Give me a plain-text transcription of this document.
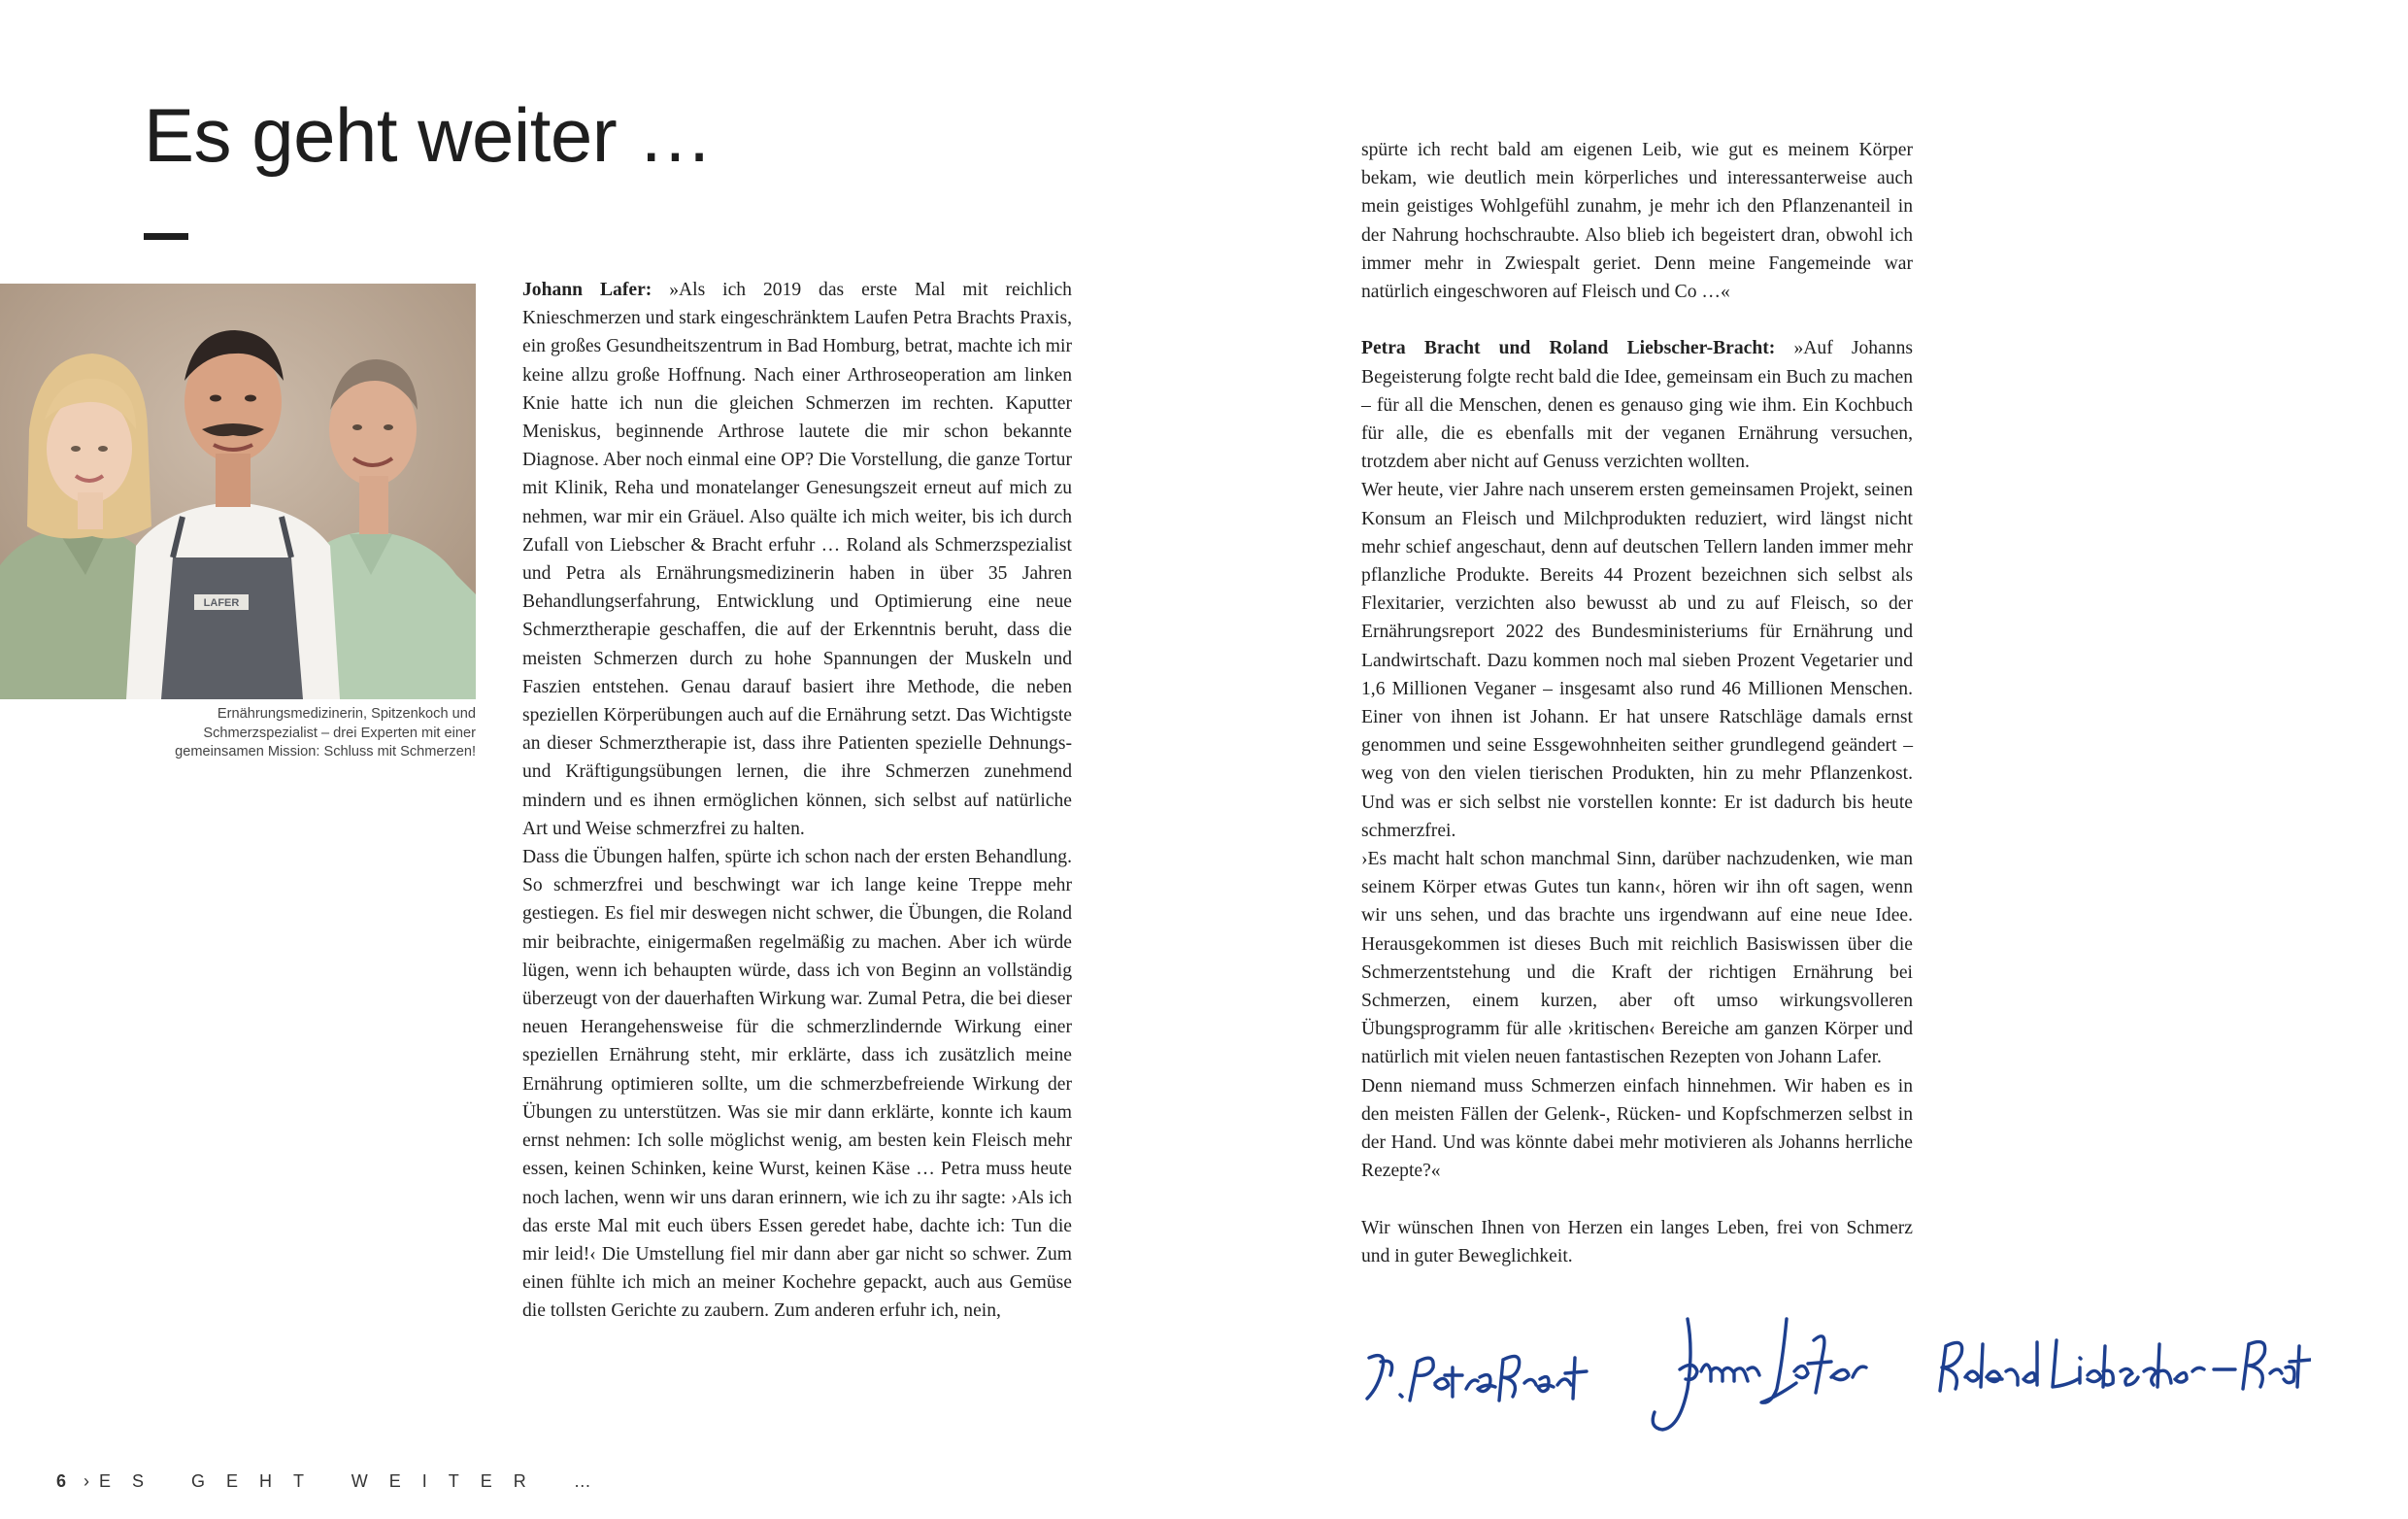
Es geht weiter …
LAFER
Ernährungsmedizinerin, Spitzenkoch und Schmerzspezialist – drei Experten mit einer gemeinsamen Mission: Schluss mit Schmerzen!

Johann Lafer: »Als ich 2019 das erste Mal mit reichlich Knieschmerzen und stark eingeschränktem Laufen Petra Brachts Praxis, ein großes Gesundheitszentrum in Bad Homburg, betrat, machte ich mir keine allzu große Hoffnung. Nach einer Arthroseoperation am linken Knie hatte ich nun die gleichen Schmerzen im rechten. Kaputter Meniskus, beginnende Arthrose lautete die mir schon bekannte Diagnose. Aber noch einmal eine OP? Die Vorstellung, die ganze Tortur mit Klinik, Reha und monatelanger Genesungszeit erneut auf mich zu nehmen, war mir ein Gräuel. Also quälte ich mich weiter, bis ich durch Zufall von Liebscher & Bracht erfuhr … Roland als Schmerzspezialist und Petra als Ernährungsmedizinerin haben in über 35 Jahren Behandlungserfahrung, Entwicklung und Optimierung eine neue Schmerztherapie geschaffen, die auf der Erkenntnis beruht, dass die meisten Schmerzen durch zu hohe Spannungen der Muskeln und Faszien entstehen. Genau darauf basiert ihre Methode, die neben speziellen Körperübungen auch auf die Ernährung setzt. Das Wichtigste an dieser Schmerztherapie ist, dass ihre Patienten spezielle Dehnungs- und Kräftigungsübungen lernen, die ihre Schmerzen zunehmend mindern und es ihnen ermöglichen können, sich selbst auf natürliche Art und Weise schmerzfrei zu halten.

Dass die Übungen halfen, spürte ich schon nach der ersten Behandlung. So schmerzfrei und beschwingt war ich lange keine Treppe mehr gestiegen. Es fiel mir deswegen nicht schwer, die Übungen, die Roland mir beibrachte, einigermaßen regelmäßig zu machen. Aber ich würde lügen, wenn ich behaupten würde, dass ich von Beginn an vollständig überzeugt von der dauerhaften Wirkung war. Zumal Petra, die bei dieser neuen Herangehensweise für die schmerzlindernde Wirkung einer speziellen Ernährung steht, mir erklärte, dass ich zusätzlich meine Ernährung optimieren sollte, um die schmerzbefreiende Wirkung der Übungen zu unterstützen. Was sie mir dann erklärte, konnte ich kaum ernst nehmen: Ich solle möglichst wenig, am besten kein Fleisch mehr essen, keinen Schinken, keine Wurst, keinen Käse … Petra muss heute noch lachen, wenn wir uns daran erinnern, wie ich zu ihr sagte: ›Als ich das erste Mal mit euch übers Essen geredet habe, dachte ich: Tun die mir leid!‹ Die Umstellung fiel mir dann aber gar nicht so schwer. Zum einen fühlte ich mich an meiner Kochehre gepackt, auch aus Gemüse die tollsten Gerichte zu zaubern. Zum anderen erfuhr ich, nein,

spürte ich recht bald am eigenen Leib, wie gut es meinem Körper bekam, wie deutlich mein körperliches und interessanterweise auch mein geistiges Wohlgefühl zunahm, je mehr ich den Pflanzenanteil in der Nahrung hochschraubte. Also blieb ich begeistert dran, obwohl ich immer mehr in Zwiespalt geriet. Denn meine Fangemeinde war natürlich eingeschworen auf Fleisch und Co …«

Petra Bracht und Roland Liebscher-Bracht: »Auf Johanns Begeisterung folgte recht bald die Idee, gemeinsam ein Buch zu machen – für all die Menschen, denen es genauso ging wie ihm. Ein Kochbuch für alle, die es ebenfalls mit der veganen Ernährung versuchen, trotzdem aber nicht auf Genuss verzichten wollten.

Wer heute, vier Jahre nach unserem ersten gemeinsamen Projekt, seinen Konsum an Fleisch und Milchprodukten reduziert, wird längst nicht mehr schief angeschaut, denn auf deutschen Tellern landen immer mehr pflanzliche Produkte. Bereits 44 Prozent bezeichnen sich selbst als Flexitarier, verzichten also bewusst ab und zu auf Fleisch, so der Ernährungsreport 2022 des Bundesministeriums für Ernährung und Landwirtschaft. Dazu kommen noch mal sieben Prozent Vegetarier und 1,6 Millionen Veganer – insgesamt also rund 46 Millionen Menschen. Einer von ihnen ist Johann. Er hat unsere Ratschläge damals ernst genommen und seine Essgewohnheiten seither grundlegend geändert – weg von den vielen tierischen Produkten, hin zu mehr Pflanzenkost. Und was er sich selbst nie vorstellen konnte: Er ist dadurch bis heute schmerzfrei.

›Es macht halt schon manchmal Sinn, darüber nachzudenken, wie man seinem Körper etwas Gutes tun kann‹, hören wir ihn oft sagen, wenn wir uns sehen, und das brachte uns irgendwann auf eine neue Idee. Herausgekommen ist dieses Buch mit reichlich Basiswissen über die Schmerzentstehung und die Kraft der richtigen Ernährung bei Schmerzen, einem kurzen, aber oft umso wirkungsvolleren Übungsprogramm für alle ›kritischen‹ Bereiche am ganzen Körper und natürlich mit vielen neuen fantastischen Rezepten von Johann Lafer.

Denn niemand muss Schmerzen einfach hinnehmen. Wir haben es in den meisten Fällen der Gelenk-, Rücken- und Kopfschmerzen selbst in der Hand. Und was könnte dabei mehr motivieren als Johanns herrliche Rezepte?«

Wir wünschen Ihnen von Herzen ein langes Leben, frei von Schmerz und in guter Beweglichkeit.

6 › ES GEHT WEITER …
